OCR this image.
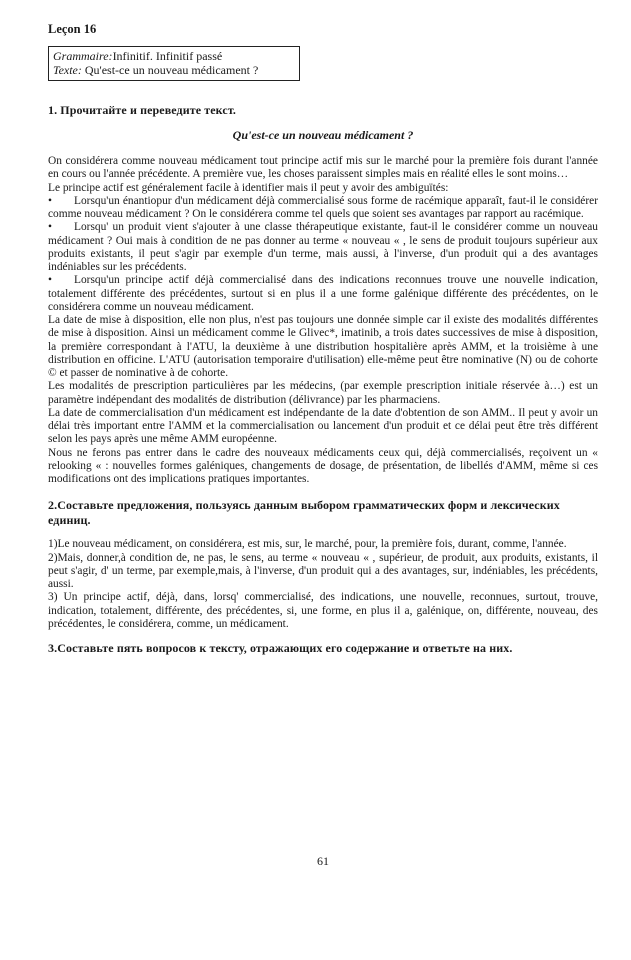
Leçon 16
Grammaire:Infinitif. Infinitif passé
Texte: Qu'est-ce un nouveau médicament ?
1. Прочитайте и переведите текст.
Qu'est-ce un nouveau médicament ?

On considérera comme nouveau médicament tout principe actif mis sur le marché pour la première fois durant l'année en cours ou l'année précédente. A première vue, les choses paraissent simples mais en réalité elles le sont moins…

Le principe actif est généralement facile à identifier mais il peut y avoir des ambiguïtés:

• Lorsqu'un énantiopur d'un médicament déjà commercialisé sous forme de racémique apparaît, faut-il le considérer comme nouveau médicament ? On le considérera comme tel quels que soient ses avantages par rapport au racémique.

• Lorsqu' un produit vient s'ajouter à une classe thérapeutique existante, faut-il le considérer comme un nouveau médicament ? Oui mais à condition de ne pas donner au terme « nouveau « , le sens de produit toujours supérieur aux produits existants, il peut s'agir par exemple d'un terme, mais aussi, à l'inverse, d'un produit qui a des avantages indéniables sur les précédents.

• Lorsqu'un principe actif déjà commercialisé dans des indications reconnues trouve une nouvelle indication, totalement différente des précédentes, surtout si en plus il a une forme galénique différente des précédentes, on le considérera comme un nouveau médicament.

La date de mise à disposition, elle non plus, n'est pas toujours une donnée simple car il existe des modalités différentes de mise à disposition. Ainsi un médicament comme le Glivec*, imatinib, a trois dates successives de mise à disposition, la première correspondant à l'ATU, la deuxième à une distribution hospitalière après AMM, et la troisième à une distribution en officine. L'ATU (autorisation temporaire d'utilisation) elle-même peut être nominative (N) ou de cohorte © et passer de nominative à de cohorte.

Les modalités de prescription particulières par les médecins, (par exemple prescription initiale réservée à…) est un paramètre indépendant des modalités de distribution (délivrance) par les pharmaciens.

La date de commercialisation d'un médicament est indépendante de la date d'obtention de son AMM.. Il peut y avoir un délai très important entre l'AMM et la commercialisation ou lancement d'un produit et ce délai peut être très différent selon les pays après une même AMM européenne.

Nous ne ferons pas entrer dans le cadre des nouveaux médicaments ceux qui, déjà commercialisés, reçoivent un « relooking « : nouvelles formes galéniques, changements de dosage, de présentation, de libellés d'AMM, même si ces modifications ont des implications pratiques importantes.

2.Составьте предложения, пользуясь данным выбором грамматических форм и лексических единиц.

1)Le nouveau médicament, on considérera, est mis, sur, le marché, pour, la première fois, durant, comme, l'année.

2)Mais, donner,à condition de, ne pas, le sens, au terme « nouveau « , supérieur, de produit, aux produits, existants, il peut s'agir, d' un terme, par exemple,mais, à l'inverse, d'un produit qui a des avantages, sur, indéniables, les précédents, aussi.

3) Un principe actif, déjà, dans, lorsq' commercialisé, des indications, une nouvelle, reconnues, surtout, trouve, indication, totalement, différente, des précédentes, si, une forme, en plus il a, galénique, on, différente, nouveau, des précédentes, le considérera, comme, un médicament.

3.Составьте пять вопросов к тексту, отражающих его содержание и ответьте на них.
61
